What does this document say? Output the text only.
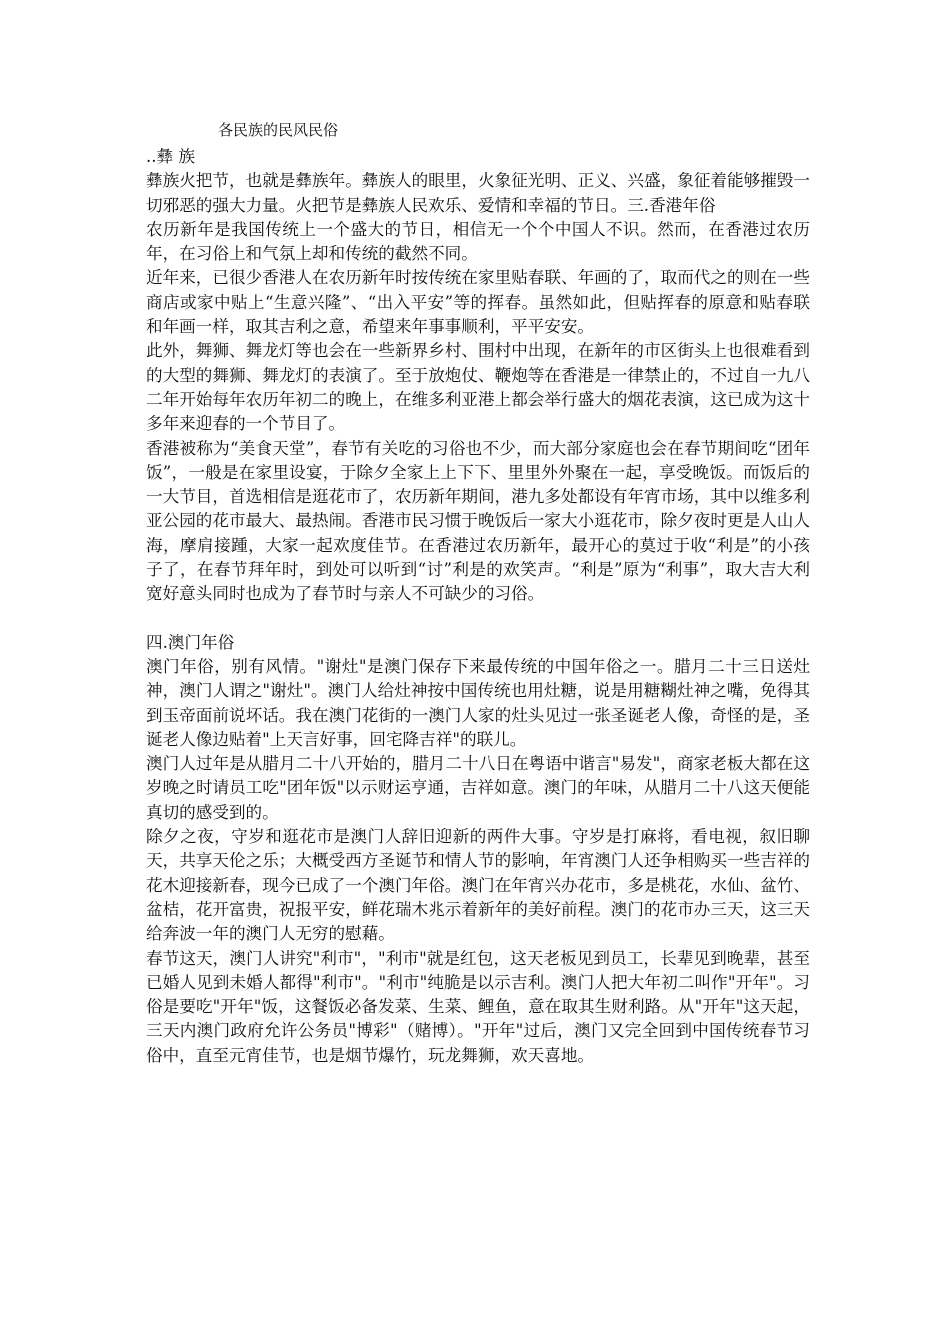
各民族的民风民俗
..彝 族

彝族火把节，也就是彝族年。彝族人的眼里，火象征光明、正义、兴盛，象征着能够摧毁一切邪恶的强大力量。火把节是彝族人民欢乐、爱情和幸福的节日。三.香港年俗

农历新年是我国传统上一个盛大的节日，相信无一个个中国人不识。然而，在香港过农历年，在习俗上和气氛上却和传统的截然不同。

近年来，已很少香港人在农历新年时按传统在家里贴春联、年画的了，取而代之的则在一些商店或家中贴上“生意兴隆”、“出入平安”等的挥春。虽然如此，但贴挥春的原意和贴春联和年画一样，取其吉利之意，希望来年事事顺利，平平安安。

此外，舞狮、舞龙灯等也会在一些新界乡村、围村中出现，在新年的市区街头上也很难看到的大型的舞狮、舞龙灯的表演了。至于放炮仗、鞭炮等在香港是一律禁止的，不过自一九八二年开始每年农历年初二的晚上，在维多利亚港上都会举行盛大的烟花表演，这已成为这十多年来迎春的一个节目了。

香港被称为“美食天堂”，春节有关吃的习俗也不少，而大部分家庭也会在春节期间吃“团年饭”，一般是在家里设宴，于除夕全家上上下下、里里外外聚在一起，享受晚饭。而饭后的一大节目，首选相信是逛花市了，农历新年期间，港九多处都设有年宵市场，其中以维多利亚公园的花市最大、最热闹。香港市民习惯于晚饭后一家大小逛花市，除夕夜时更是人山人海，摩肩接踵，大家一起欢度佳节。在香港过农历新年，最开心的莫过于收“利是”的小孩子了，在春节拜年时，到处可以听到“讨”利是的欢笑声。“利是”原为“利事”，取大吉大利宽好意头同时也成为了春节时与亲人不可缺少的习俗。

四.澳门年俗

澳门年俗，别有风情。"谢灶"是澳门保存下来最传统的中国年俗之一。腊月二十三日送灶神，澳门人谓之"谢灶"。澳门人给灶神按中国传统也用灶糖，说是用糖糊灶神之嘴，免得其到玉帝面前说坏话。我在澳门花街的一澳门人家的灶头见过一张圣诞老人像，奇怪的是，圣诞老人像边贴着"上天言好事，回宅降吉祥"的联儿。

澳门人过年是从腊月二十八开始的，腊月二十八日在粤语中谐言"易发"，商家老板大都在这岁晚之时请员工吃"团年饭"以示财运亨通，吉祥如意。澳门的年味，从腊月二十八这天便能真切的感受到的。

除夕之夜，守岁和逛花市是澳门人辞旧迎新的两件大事。守岁是打麻将，看电视，叙旧聊天，共享天伦之乐；大概受西方圣诞节和情人节的影响，年宵澳门人还争相购买一些吉祥的花木迎接新春，现今已成了一个澳门年俗。澳门在年宵兴办花市，多是桃花，水仙、盆竹、盆桔，花开富贵，祝报平安，鲜花瑞木兆示着新年的美好前程。澳门的花市办三天，这三天给奔波一年的澳门人无穷的慰藉。

春节这天，澳门人讲究"利市"，"利市"就是红包，这天老板见到员工，长辈见到晚辈，甚至已婚人见到未婚人都得"利市"。"利市"纯脆是以示吉利。澳门人把大年初二叫作"开年"。习俗是要吃"开年"饭，这餐饭必备发菜、生菜、鲤鱼，意在取其生财利路。从"开年"这天起，三天内澳门政府允许公务员"博彩"（赌博）。"开年"过后，澳门又完全回到中国传统春节习俗中，直至元宵佳节，也是烟节爆竹，玩龙舞狮，欢天喜地。
